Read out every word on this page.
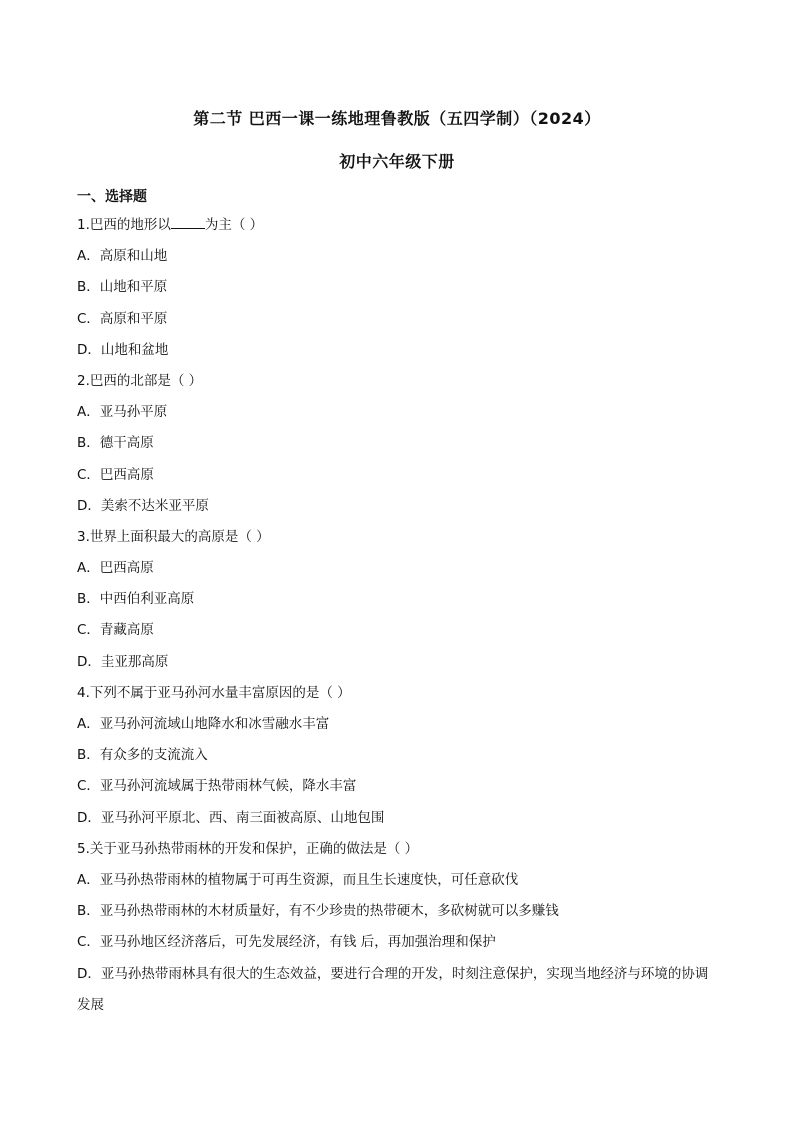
第二节 巴西一课一练地理鲁教版（五四学制）（2024）
初中六年级下册
一、选择题
1.巴西的地形以	为主（ ）
A．高原和山地
B．山地和平原
C．高原和平原
D．山地和盆地
2.巴西的北部是（ ）
A．亚马孙平原
B．德干高原
C．巴西高原
D．美索不达米亚平原
3.世界上面积最大的高原是（ ）
A．巴西高原
B．中西伯利亚高原
C．青藏高原
D．圭亚那高原
4.下列不属于亚马孙河水量丰富原因的是（ ）
A．亚马孙河流域山地降水和冰雪融水丰富
B．有众多的支流流入
C．亚马孙河流域属于热带雨林气候，降水丰富
D．亚马孙河平原北、西、南三面被高原、山地包围
5.关于亚马孙热带雨林的开发和保护，正确的做法是（ ）
A．亚马孙热带雨林的植物属于可再生资源，而且生长速度快，可任意砍伐
B．亚马孙热带雨林的木材质量好，有不少珍贵的热带硬木，多砍树就可以多赚钱
C．亚马孙地区经济落后，可先发展经济，有钱 后，再加强治理和保护
D．亚马孙热带雨林具有很大的生态效益，要进行合理的开发，时刻注意保护，实现当地经济与环境的协调发展
